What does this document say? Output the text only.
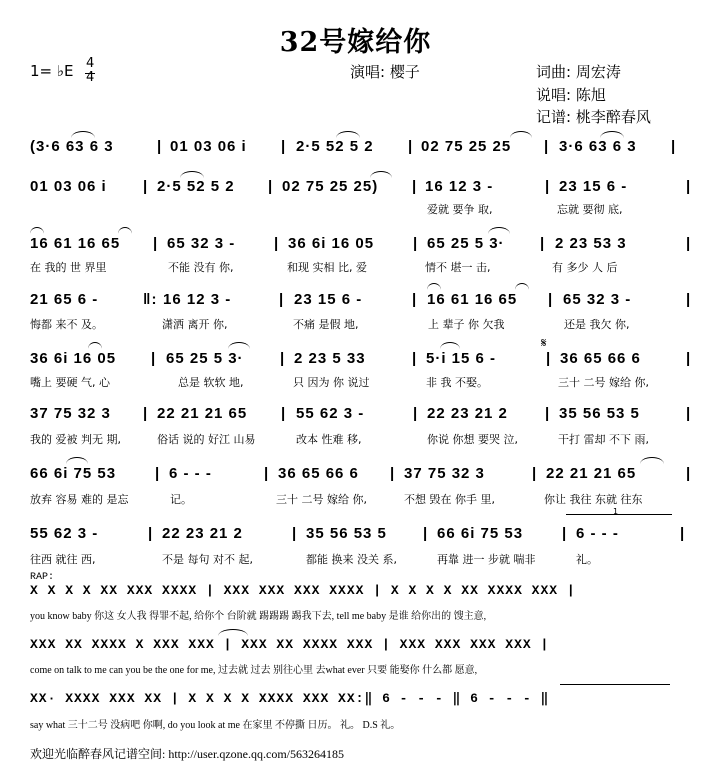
32号嫁给你
1= ♭E 4
4	演唱: 樱子	词曲: 周宏涛
说唱: 陈旭
记谱: 桃李醉春风
(3·6 63 6 3	| 01 03 06 i | 2·5 52 5 2 | 02 75 25 25 | 3·6 63 6 3 |
01 03 06 i | 2·5 52 5 2 | 02 75 25 25) | 16 12 3 -	| 23 15 6 -	|
爱就 要争 取,	忘就 要彻 底,
16 61 16 65 | 65 32 3 -	| 36 6i 16 05	| 65 25 5 3· | 2 23 53 3	|
在 我的 世 界里	不能 没有 你,	和现 实相 比, 爱	情不 堪一 击,	有 多少 人 后
21 65 6 -	‖: 16 12 3 -	| 23 15 6 -	| 16 61 16 65 | 65 32 3 -	|
悔都 来不 及。	潇洒 离开 你,	不痛 是假 地,	上 辈子 你 欠我	还是 我欠 你,
36 6i 16 05 | 65 25 5 3· | 2 23 5 33	| 5·i 15 6 -	| 36 65 66 6	|
𝄋
嘴上 要硬 气, 心	总是 软软 地,	只 因为 你 说过	非 我 不娶。	三十 二号 嫁给 你,
37 75 32 3 | 22 21 21 65 | 55 62 3 -	| 22 23 21 2 | 35 56 53 5	|
我的 爱被 判无 期,	俗话 说的 好江 山易	改本 性难 移,	你说 你想 要哭 泣,	干打 雷却 不下 雨,
66 6i 75 53	| 6 - - -	| 36 65 66 6 | 37 75 32 3	| 22 21 21 65	|
放弃 容易 难的 是忘	记。	三十 二号 嫁给 你,	不想 毁在 你手 里,	你让 我往 东就 往东
55 62 3 -	| 22 23 21 2	| 35 56 53 5 | 66 6i 75 53	| 6 - - -	|
1
往西 就往 西,	不是 每句 对不 起,	都能 换来 没关 系,	再靠 进一 步就 喘非	礼。
RAP:
X X X X XX XXX XXXX | XXX XXX XXX XXXX | X X X X XX XXXX XXX |
you know baby 你这 女人我 得罪不起, 给你个 台阶就 踢踢踢 踢我下去, tell me baby 是谁 给你出的 馊主意,
XXX XX XXXX X XXX XXX | XXX XX XXXX XXX | XXX XXX XXX XXX |
come on talk to me can you be the one for me, 过去就 过去 别往心里 去what ever 只要 能娶你 什么都 愿意,
XX· XXXX XXX XX | X X X X XXXX XXX XX:‖ 6 - - - ‖ 6 - - - ‖
say what 三十二号 没病吧 你啊, do you look at me 在家里 不停撕 日历。 礼。 D.S 礼。
欢迎光临醉春风记谱空间: http://user.qzone.qq.com/563264185
